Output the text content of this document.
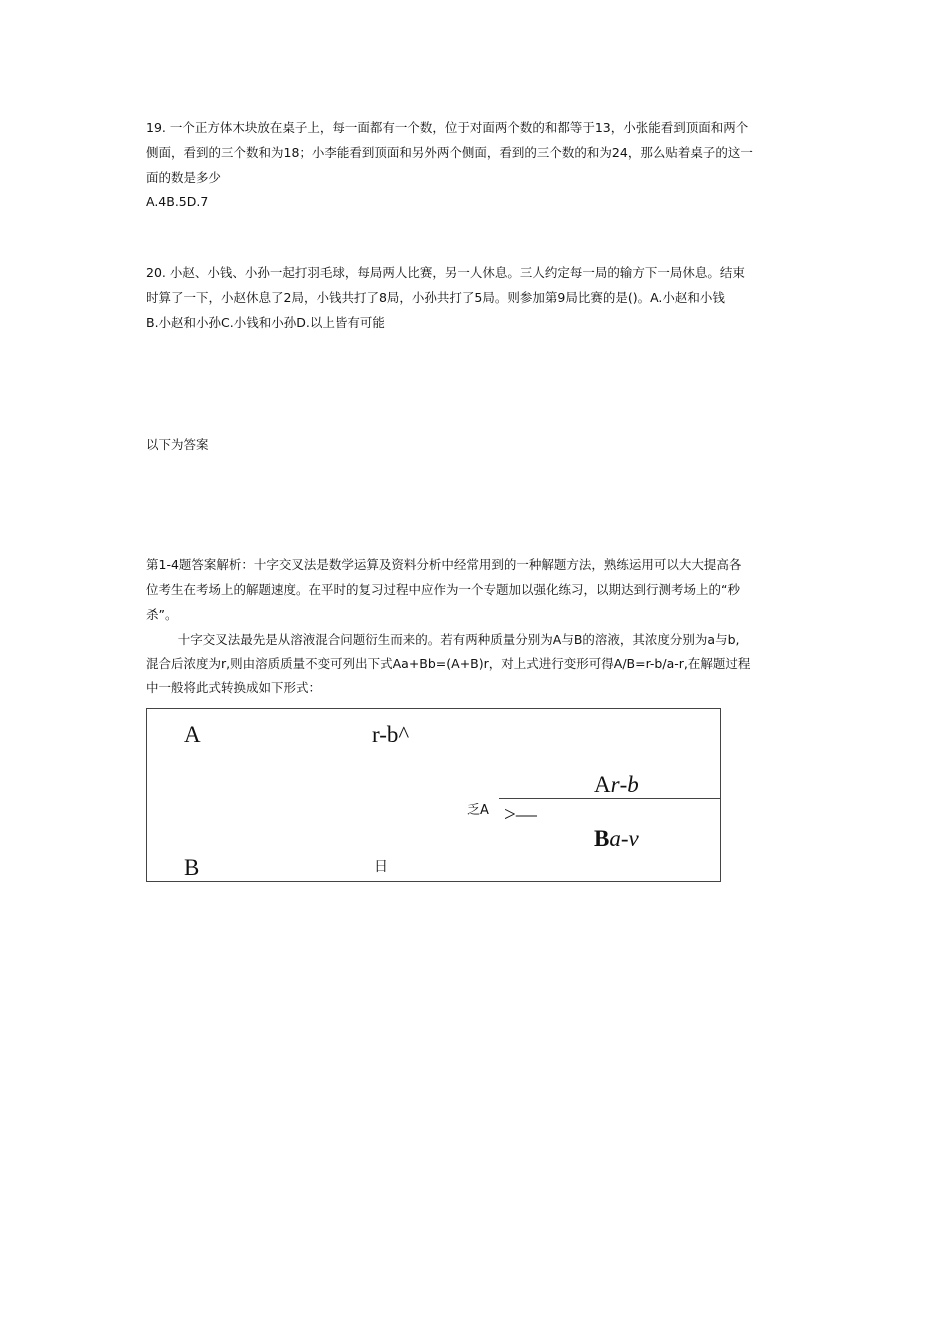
19. 一个正方体木块放在桌子上，每一面都有一个数，位于对面两个数的和都等于13，小张能看到顶面和两个
侧面，看到的三个数和为18；小李能看到顶面和另外两个侧面，看到的三个数的和为24，那么贴着桌子的这一
面的数是多少
A.4B.5D.7
20. 小赵、小钱、小孙一起打羽毛球，每局两人比赛，另一人休息。三人约定每一局的输方下一局休息。结束
时算了一下，小赵休息了2局，小钱共打了8局，小孙共打了5局。则参加第9局比赛的是()。A.小赵和小钱
B.小赵和小孙C.小钱和小孙D.以上皆有可能
以下为答案
第1-4题答案解析：十字交叉法是数学运算及资料分析中经常用到的一种解题方法，熟练运用可以大大提高各
位考生在考场上的解题速度。在平时的复习过程中应作为一个专题加以强化练习，以期达到行测考场上的“秒
杀”。
十字交叉法最先是从溶液混合问题衍生而来的。若有两种质量分别为A与B的溶液，其浓度分别为a与b,
混合后浓度为r,则由溶质质量不变可列出下式Aa+Bb=(A+B)r，对上式进行变形可得A/B=r-b/a-r,在解题过程
中一般将此式转换成如下形式：
A	r-b^
B	日
乏A >—
Ar-b
Ba-v
